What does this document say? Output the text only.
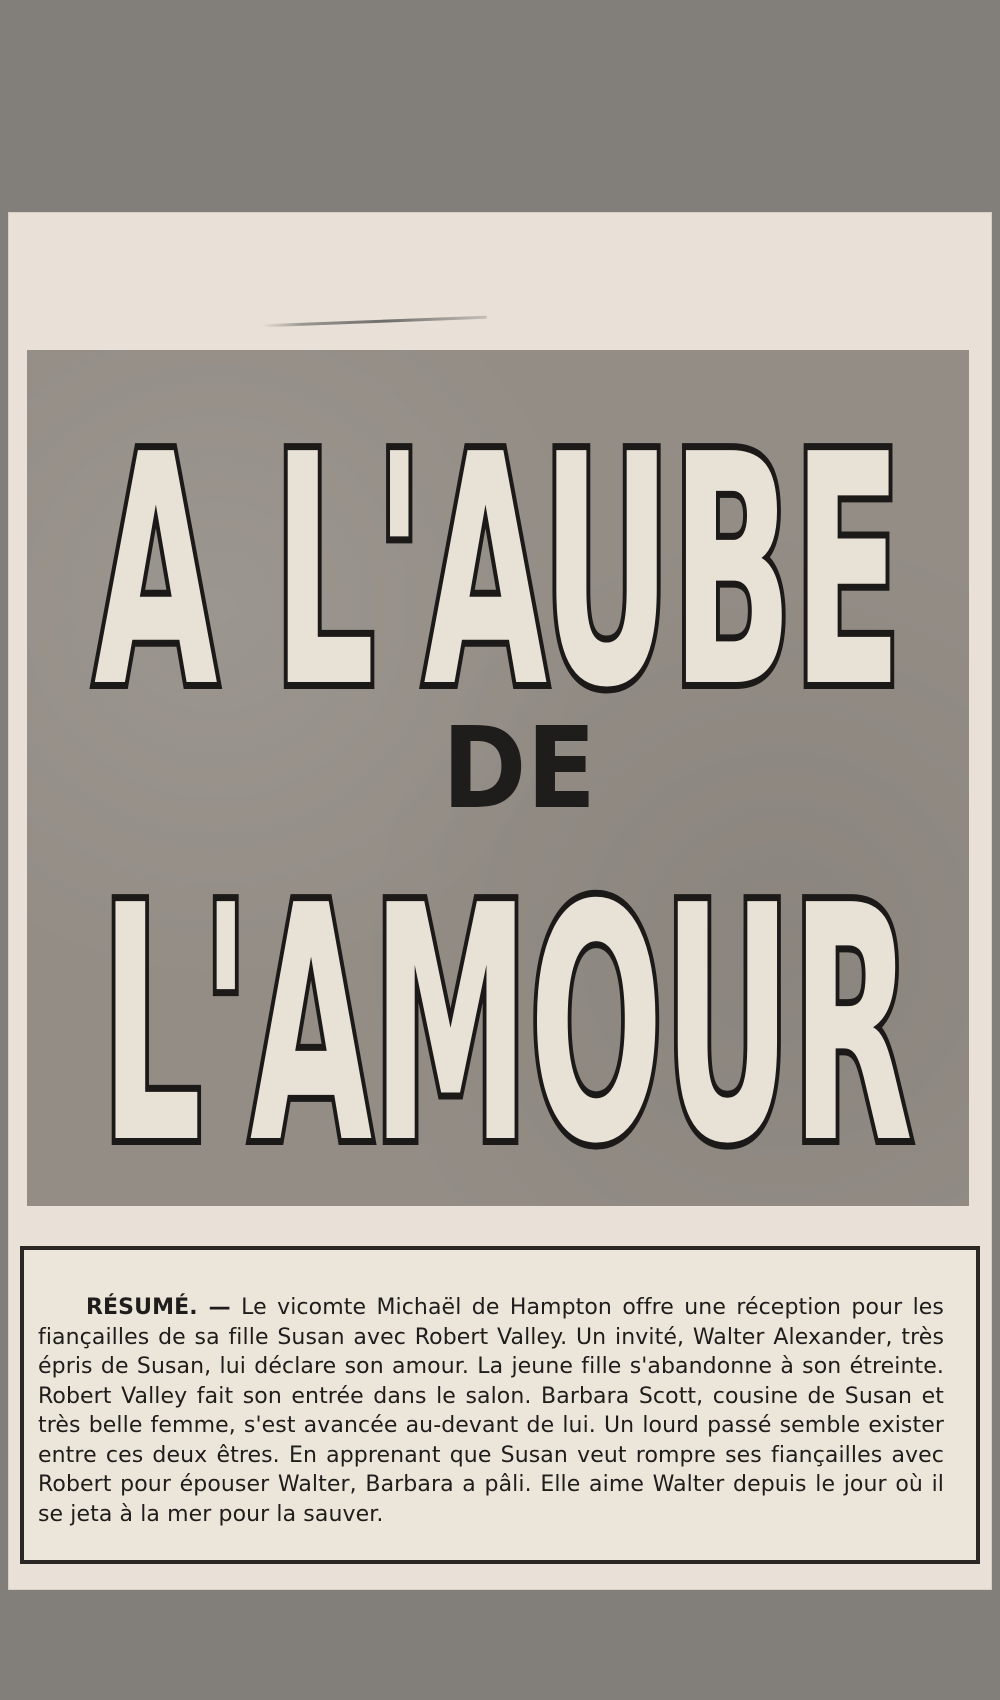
A L'AUBE
DE
L'AMOUR

RÉSUMÉ. — Le vicomte Michaël de Hampton offre une réception pour les fiançailles de sa fille Susan avec Robert Valley. Un invité, Walter Alexander, très épris de Susan, lui déclare son amour. La jeune fille s'abandonne à son étreinte. Robert Valley fait son entrée dans le salon. Barbara Scott, cousine de Susan et très belle femme, s'est avancée au-devant de lui. Un lourd passé semble exister entre ces deux êtres. En apprenant que Susan veut rompre ses fiançailles avec Robert pour épouser Walter, Barbara a pâli. Elle aime Walter depuis le jour où il se jeta à la mer pour la sauver.
